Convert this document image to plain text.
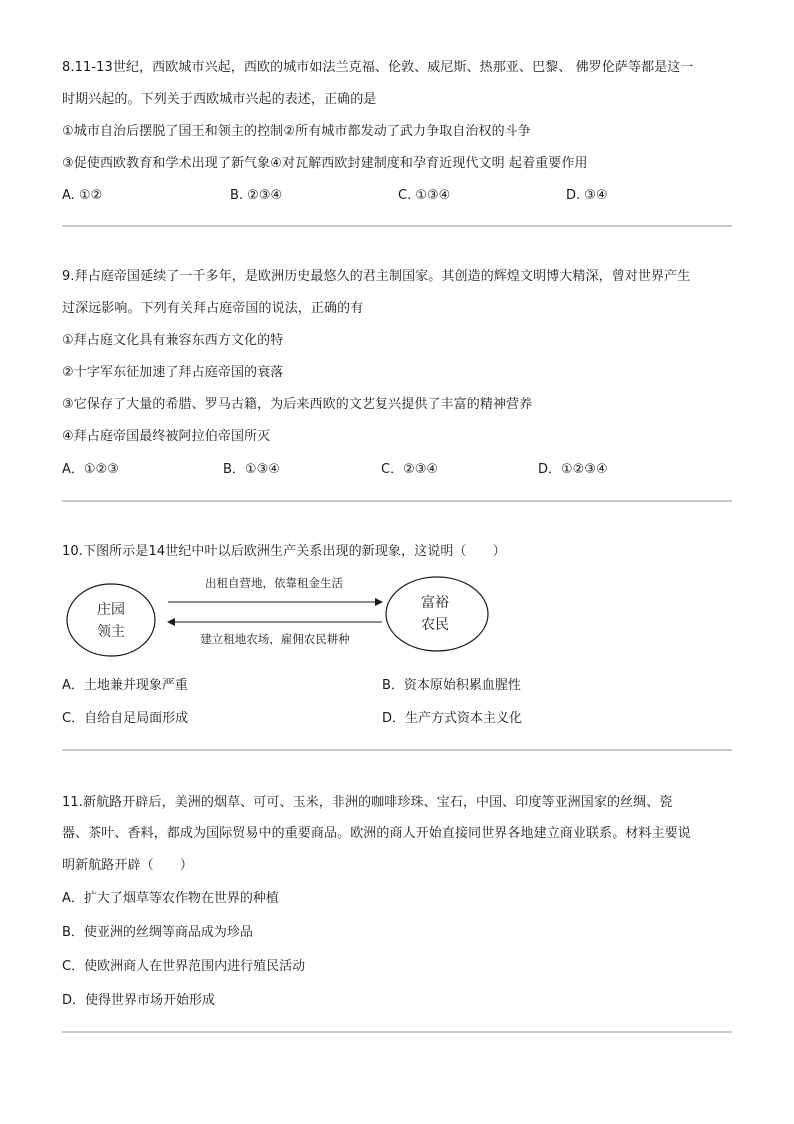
8.11-13世纪，西欧城市兴起，西欧的城市如法兰克福、伦敦、威尼斯、热那亚、巴黎、 佛罗伦萨等都是这一
时期兴起的。下列关于西欧城市兴起的表述，正确的是
①城市自治后摆脱了国王和领主的控制②所有城市都发动了武力争取自治权的斗争
③促使西欧教育和学术出现了新气象④对瓦解西欧封建制度和孕育近现代文明 起着重要作用
A. ①②	B. ②③④	C. ①③④	D. ③④
9.拜占庭帝国延续了一千多年，是欧洲历史最悠久的君主制国家。其创造的辉煌文明博大精深，曾对世界产生
过深远影响。下列有关拜占庭帝国的说法，正确的有
①拜占庭文化具有兼容东西方文化的特
②十字军东征加速了拜占庭帝国的衰落
③它保存了大量的希腊、罗马古籍，为后来西欧的文艺复兴提供了丰富的精神营养
④拜占庭帝国最终被阿拉伯帝国所灭
A．①②③	B．①③④	C．②③④	D．①②③④
10.下图所示是14世纪中叶以后欧洲生产关系出现的新现象，这说明（　　）
庄园
领主
富裕
农民
出租自营地，依靠租金生活
建立租地农场，雇佣农民耕种
A．土地兼并现象严重	B．资本原始积累血腥性
C．自给自足局面形成	D．生产方式资本主义化
11.新航路开辟后，美洲的烟草、可可、玉米，非洲的咖啡珍珠、宝石，中国、印度等亚洲国家的丝绸、瓷
器、茶叶、香料，都成为国际贸易中的重要商品。欧洲的商人开始直接同世界各地建立商业联系。材料主要说
明新航路开辟（　　）
A．扩大了烟草等农作物在世界的种植
B．使亚洲的丝绸等商品成为珍品
C．使欧洲商人在世界范围内进行殖民活动
D．使得世界市场开始形成
